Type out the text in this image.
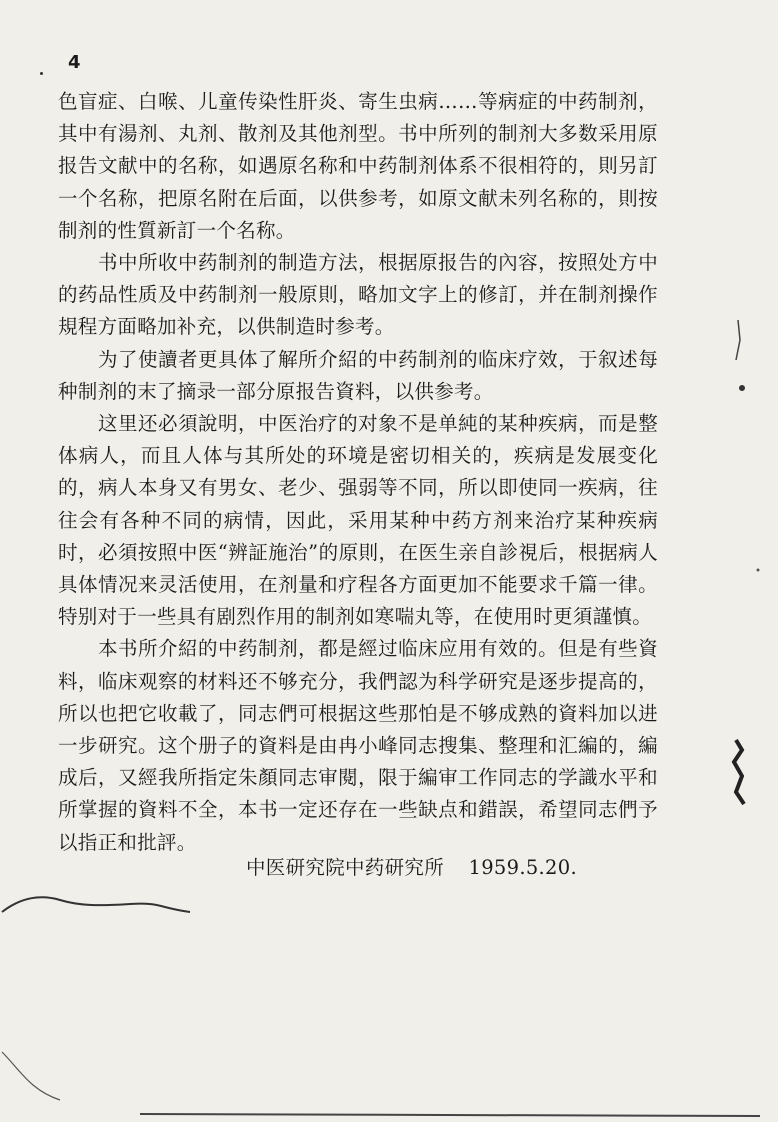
4

色盲症、白喉、儿童传染性肝炎、寄生虫病……等病症的中药制剂，其中有湯剂、丸剂、散剂及其他剂型。书中所列的制剂大多数采用原报告文献中的名称，如遇原名称和中药制剂体系不很相符的，則另訂一个名称，把原名附在后面，以供参考，如原文献未列名称的，則按制剂的性質新訂一个名称。

书中所收中药制剂的制造方法，根据原报告的內容，按照处方中的药品性质及中药制剂一般原則，略加文字上的修訂，并在制剂操作規程方面略加补充，以供制造时参考。

为了使讀者更具体了解所介紹的中药制剂的临床疗效，于叙述每种制剂的末了摘录一部分原报告資料，以供参考。

这里还必須說明，中医治疗的对象不是单純的某种疾病，而是整体病人，而且人体与其所处的环境是密切相关的，疾病是发展变化的，病人本身又有男女、老少、强弱等不同，所以即使同一疾病，往往会有各种不同的病情，因此，采用某种中药方剂来治疗某种疾病时，必須按照中医“辨証施治”的原則，在医生亲自診視后，根据病人具体情况来灵活使用，在剂量和疗程各方面更加不能要求千篇一律。特别对于一些具有剧烈作用的制剂如寒喘丸等，在使用时更須謹慎。

本书所介紹的中药制剂，都是經过临床应用有效的。但是有些資料，临床观察的材料还不够充分，我們認为科学研究是逐步提高的，所以也把它收載了，同志們可根据这些那怕是不够成熟的資料加以进一步研究。这个册子的資料是由冉小峰同志搜集、整理和汇編的，編成后，又經我所指定朱顏同志审閱，限于編审工作同志的学識水平和所掌握的資料不全，本书一定还存在一些缺点和錯誤，希望同志們予以指正和批評。

中医研究院中药研究所 1959.5.20.
